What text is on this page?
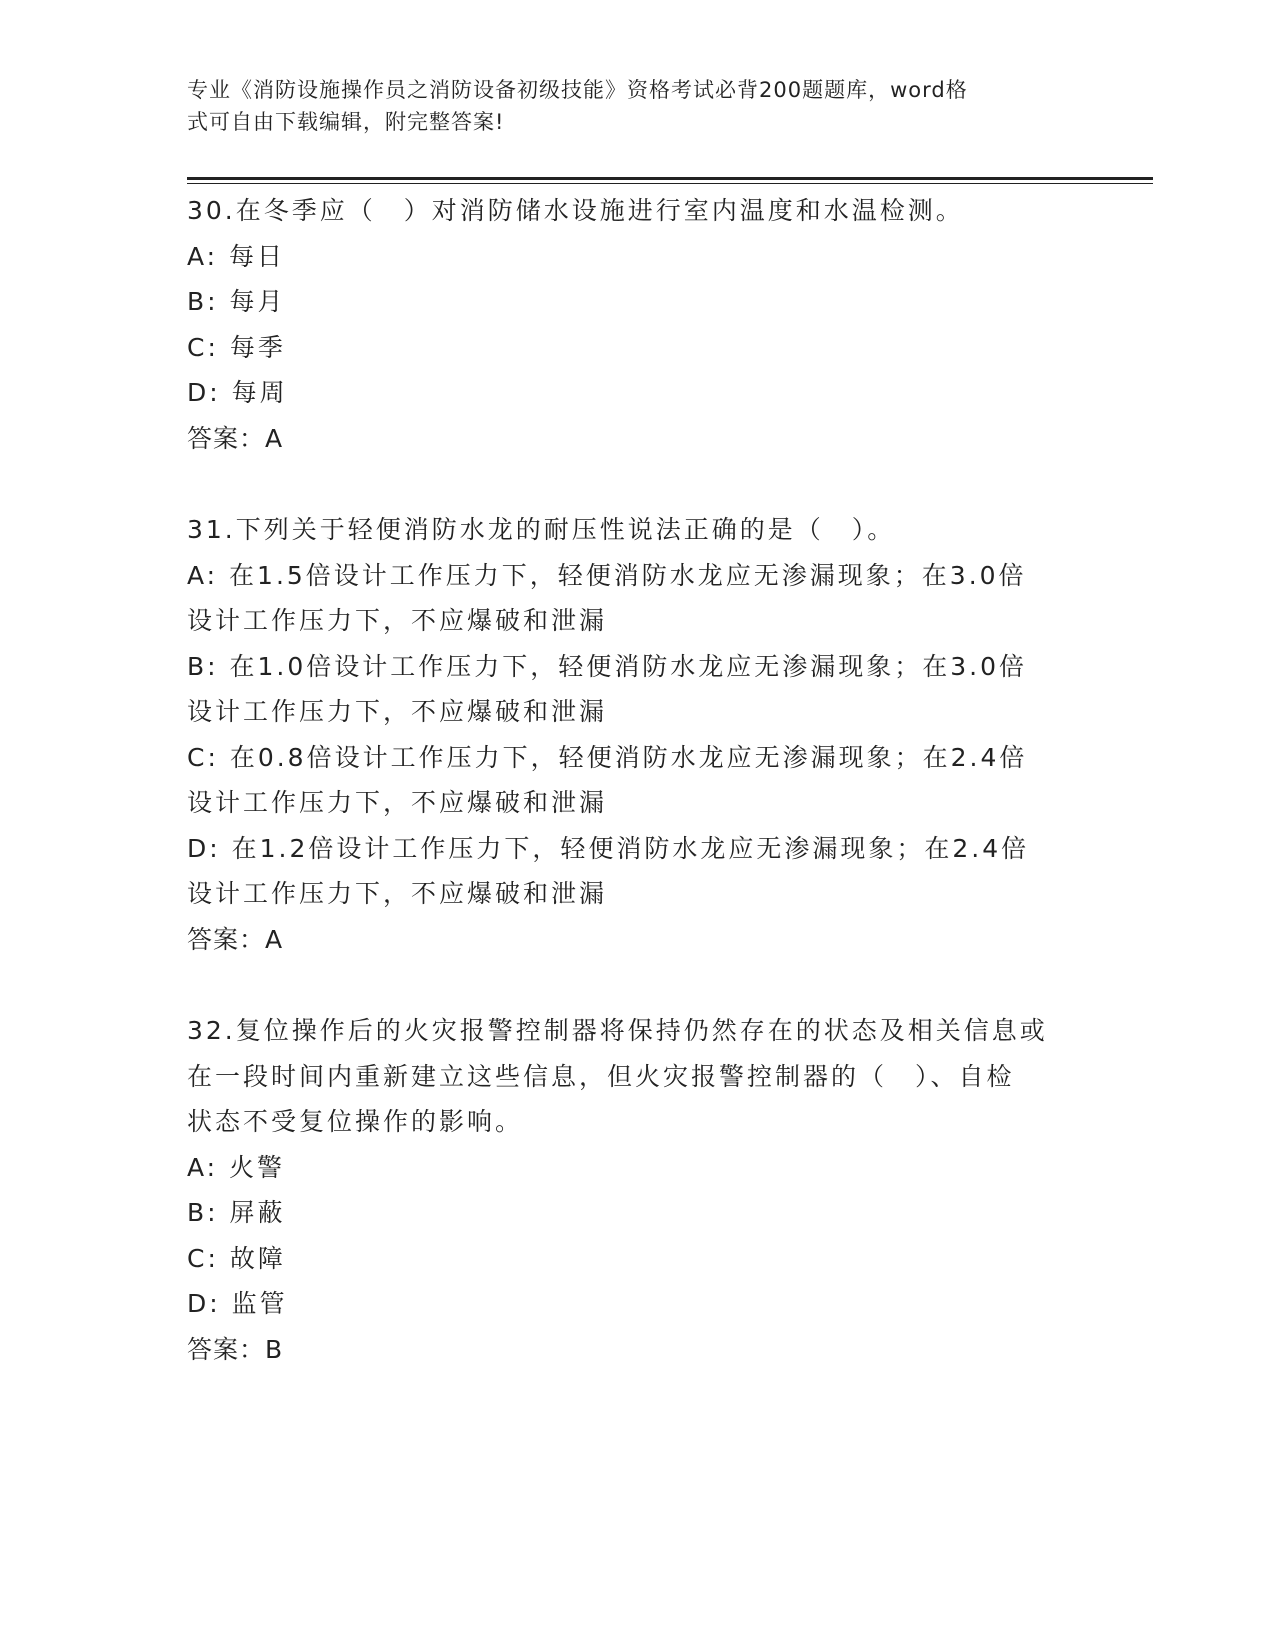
专业《消防设施操作员之消防设备初级技能》资格考试必背200题题库，word格
式可自由下载编辑，附完整答案!
30.在冬季应（　）对消防储水设施进行室内温度和水温检测。
A: 每日
B: 每月
C: 每季
D: 每周
答案：A
31.下列关于轻便消防水龙的耐压性说法正确的是（　）。
A: 在1.5倍设计工作压力下，轻便消防水龙应无渗漏现象；在3.0倍
设计工作压力下，不应爆破和泄漏
B: 在1.0倍设计工作压力下，轻便消防水龙应无渗漏现象；在3.0倍
设计工作压力下，不应爆破和泄漏
C: 在0.8倍设计工作压力下，轻便消防水龙应无渗漏现象；在2.4倍
设计工作压力下，不应爆破和泄漏
D: 在1.2倍设计工作压力下，轻便消防水龙应无渗漏现象；在2.4倍
设计工作压力下，不应爆破和泄漏
答案：A
32.复位操作后的火灾报警控制器将保持仍然存在的状态及相关信息或
在一段时间内重新建立这些信息，但火灾报警控制器的（　）、自检
状态不受复位操作的影响。
A: 火警
B: 屏蔽
C: 故障
D: 监管
答案：B
